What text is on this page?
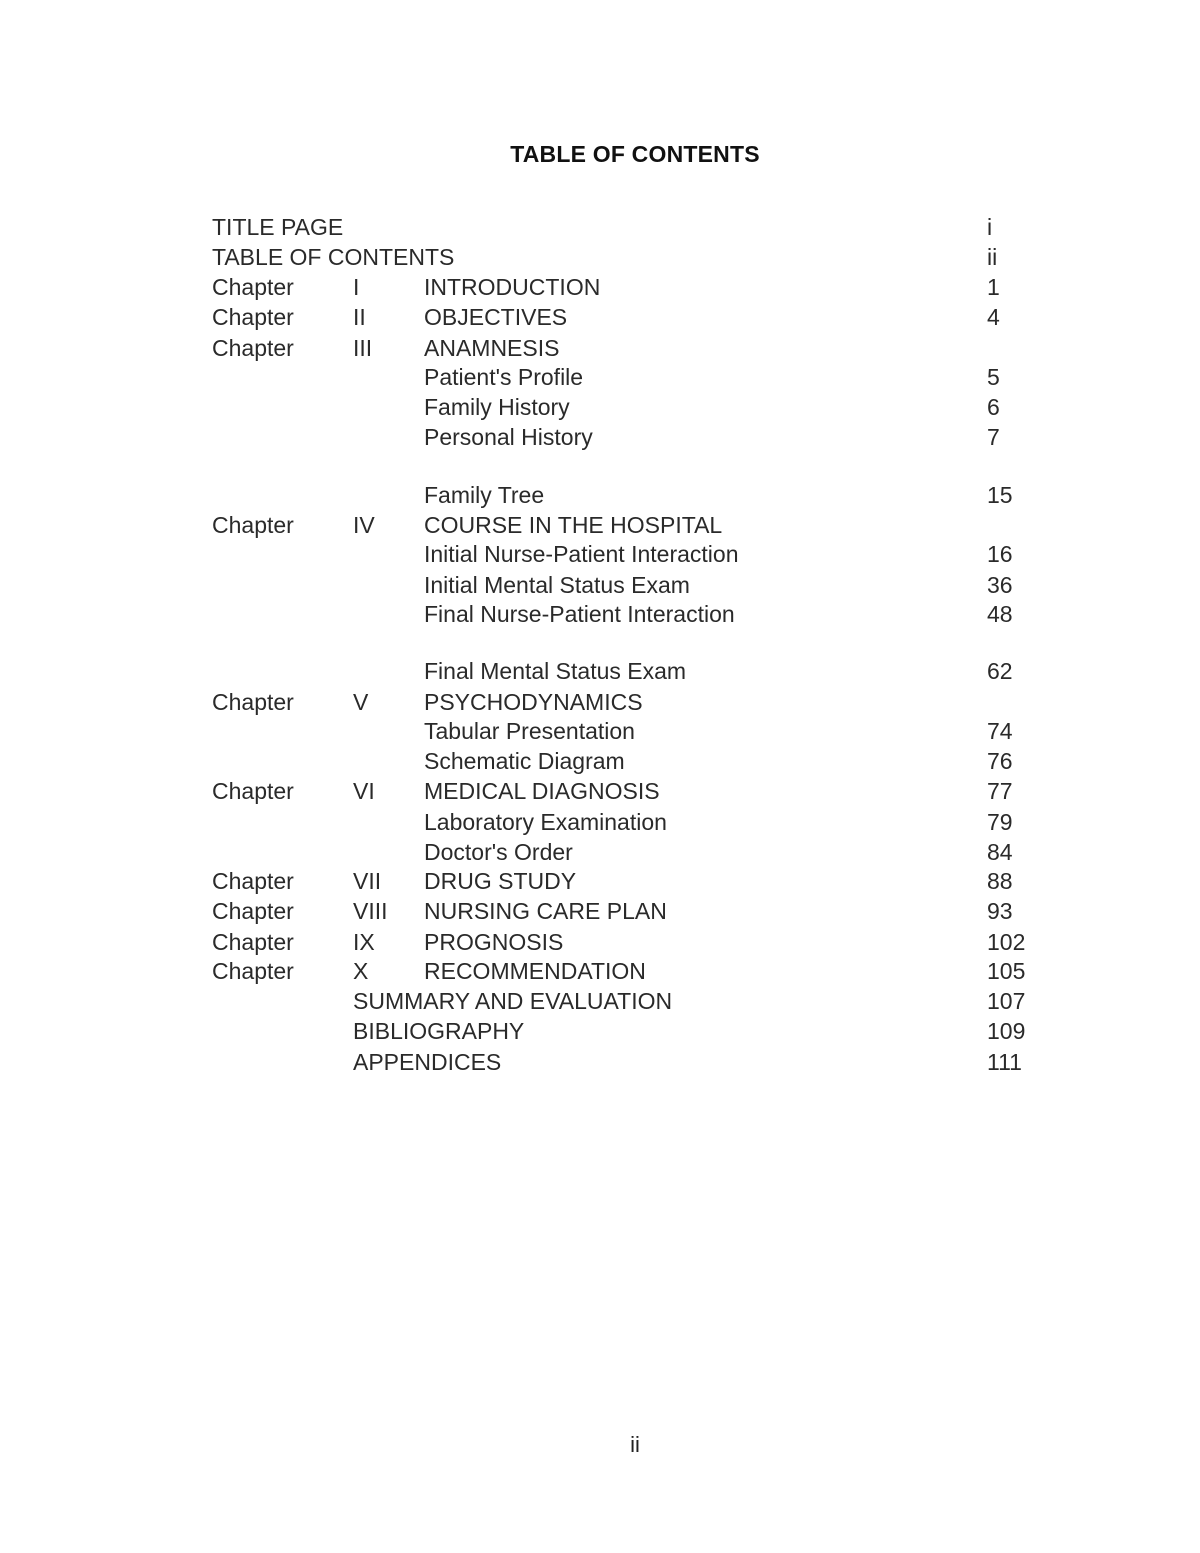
TABLE OF CONTENTS
TITLE PAGE	i
TABLE OF CONTENTS	ii
Chapter	I	INTRODUCTION	1
Chapter	II	OBJECTIVES	4
Chapter	III ANAMNESIS
Patient's Profile	5
Family History	6
Personal History	7
Family Tree	15
Chapter	IV COURSE IN THE HOSPITAL
Initial Nurse-Patient Interaction	16
Initial Mental Status Exam	36
Final Nurse-Patient Interaction	48
Final Mental Status Exam	62
Chapter	V PSYCHODYNAMICS
Tabular Presentation	74
Schematic Diagram	76
Chapter	VI MEDICAL DIAGNOSIS	77
Laboratory Examination	79
Doctor's Order	84
Chapter	VII DRUG STUDY	88
Chapter	VIII NURSING CARE PLAN	93
Chapter	IX PROGNOSIS	102
Chapter	X RECOMMENDATION	105
SUMMARY AND EVALUATION	107
BIBLIOGRAPHY	109
APPENDICES	111
ii
